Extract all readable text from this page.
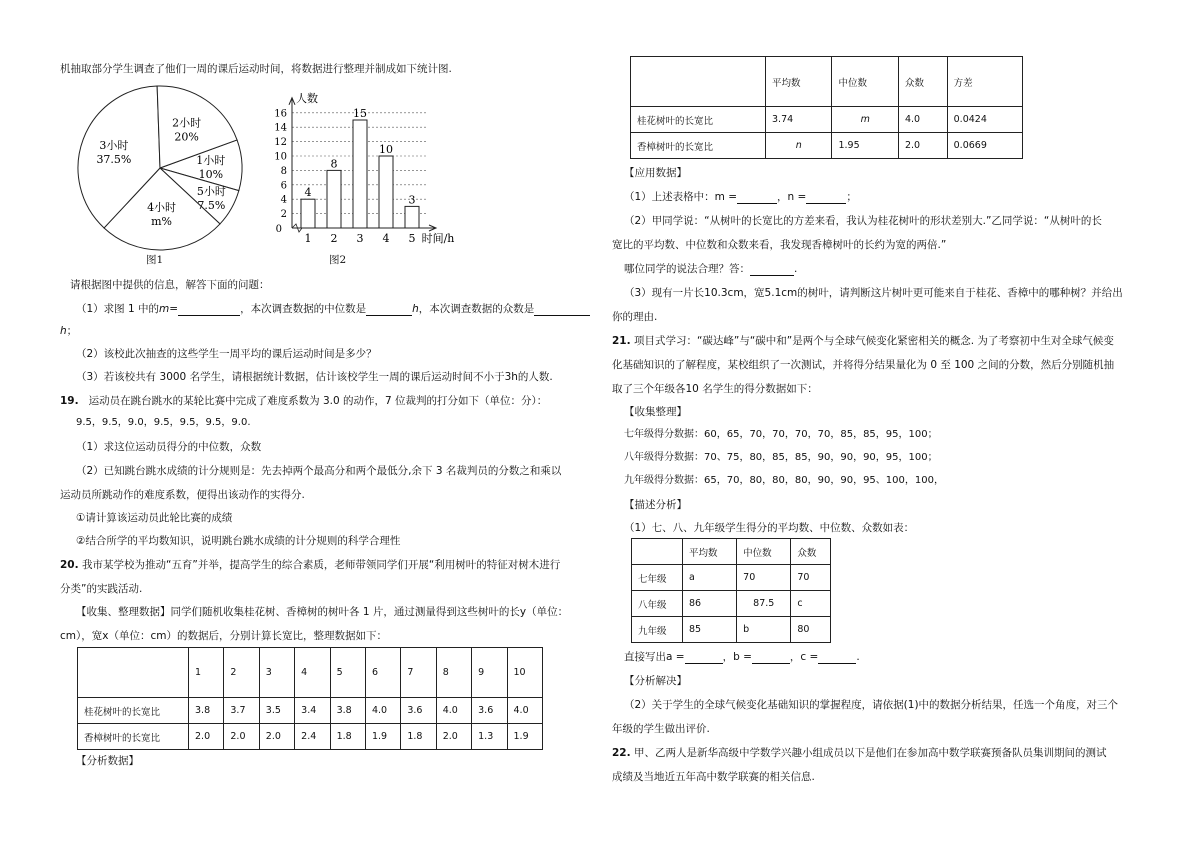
机抽取部分学生调查了他们一周的课后运动时间，将数据进行整理并制成如下统计图.
1小时
10%
5小时
7.5%
4小时
m%
3小时
37.5%
2小时
20%
图1
2
4
6
8
10
12
14
16
4
1
8
2
15
3
10
4
3
5
0
人数
时间/h
图2
请根据图中提供的信息，解答下面的问题：
（1）求图 1 中的m=	，本次调查数据的中位数是	h，本次调查数据的众数是
h；
（2）该校此次抽查的这些学生一周平均的课后运动时间是多少？
（3）若该校共有 3000 名学生，请根据统计数据，估计该校学生一周的课后运动时间不小于3h的人数.
19. 运动员在跳台跳水的某轮比赛中完成了难度系数为 3.0 的动作，7 位裁判的打分如下（单位：分）：
9.5，9.5，9.0，9.5，9.5，9.5，9.0.
（1）求这位运动员得分的中位数，众数
（2）已知跳台跳水成绩的计分规则是：先去掉两个最高分和两个最低分,余下 3 名裁判员的分数之和乘以
运动员所跳动作的难度系数，便得出该动作的实得分.
①请计算该运动员此轮比赛的成绩
②结合所学的平均数知识，说明跳台跳水成绩的计分规则的科学合理性
20. 我市某学校为推动“五育”并举，提高学生的综合素质，老师带领同学们开展“利用树叶的特征对树木进行
分类”的实践活动.
【收集、整理数据】同学们随机收集桂花树、香樟树的树叶各 1 片，通过测量得到这些树叶的长y（单位：
cm），宽x（单位：cm）的数据后，分别计算长宽比，整理数据如下：
	1	2	3	4	5	6	7	8	9	10
桂花树叶的长宽比	3.8	3.7	3.5	3.4	3.8	4.0	3.6	4.0	3.6	4.0
香樟树叶的长宽比	2.0	2.0	2.0	2.4	1.8	1.9	1.8	2.0	1.3	1.9
【分析数据】
	平均数	中位数	众数	方差
桂花树叶的长宽比	3.74	m	4.0	0.0424
香樟树叶的长宽比	n	1.95	2.0	0.0669
【应用数据】
（1）上述表格中：m =	，n =	；
（2）甲同学说：“从树叶的长宽比的方差来看，我认为桂花树叶的形状差别大.”乙同学说：“从树叶的长
宽比的平均数、中位数和众数来看，我发现香樟树叶的长约为宽的两倍.”
哪位同学的说法合理？答：	.
（3）现有一片长10.3cm，宽5.1cm的树叶，请判断这片树叶更可能来自于桂花、香樟中的哪种树？并给出
你的理由.
21. 项目式学习：“碳达峰”与“碳中和”是两个与全球气候变化紧密相关的概念. 为了考察初中生对全球气候变
化基础知识的了解程度，某校组织了一次测试，并将得分结果量化为 0 至 100 之间的分数，然后分别随机抽
取了三个年级各10 名学生的得分数据如下：
【收集整理】
七年级得分数据：60，65，70，70，70，70，85，85，95，100；
八年级得分数据：70、75，80，85，85，90，90，90，95，100；
九年级得分数据：65，70，80，80，80，90，90，95、100，100，
【描述分析】
（1）七、八、九年级学生得分的平均数、中位数、众数如表：
	平均数	中位数	众数
七年级	a	70	70
八年级	86	87.5	c
九年级	85	b	80
直接写出a =	，b =	，c =	.
【分析解决】
（2）关于学生的全球气候变化基础知识的掌握程度，请依据(1)中的数据分析结果，任选一个角度，对三个
年级的学生做出评价.
22. 甲、乙两人是新华高级中学数学兴趣小组成员以下是他们在参加高中数学联赛预备队员集训期间的测试
成绩及当地近五年高中数学联赛的相关信息.
